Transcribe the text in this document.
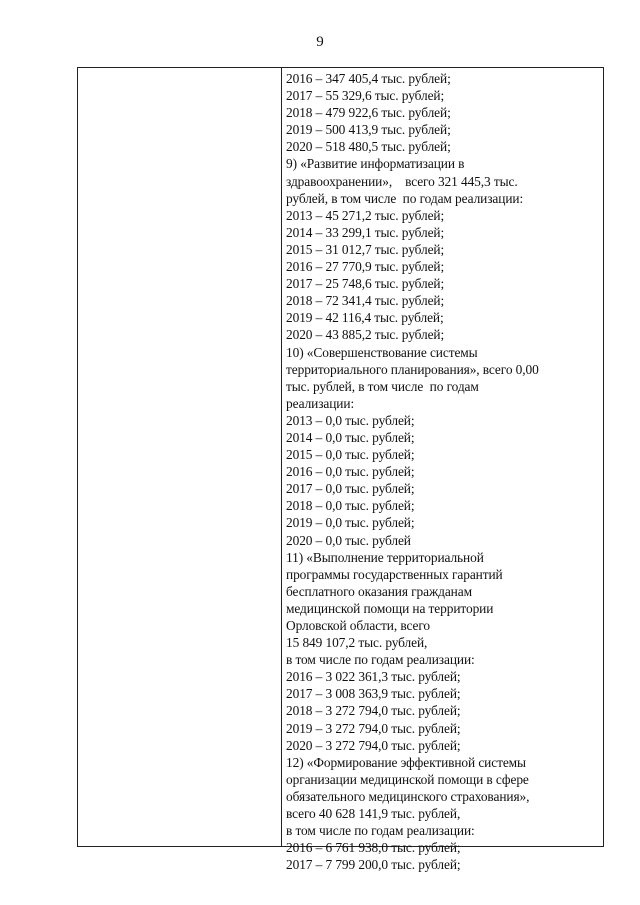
9
2016 – 347 405,4 тыс. рублей;
2017 – 55 329,6 тыс. рублей;
2018 – 479 922,6 тыс. рублей;
2019 – 500 413,9 тыс. рублей;
2020 – 518 480,5 тыс. рублей;
9) «Развитие информатизации в
здравоохранении»,    всего 321 445,3 тыс.
рублей, в том числе  по годам реализации:
2013 – 45 271,2 тыс. рублей;
2014 – 33 299,1 тыс. рублей;
2015 – 31 012,7 тыс. рублей;
2016 – 27 770,9 тыс. рублей;
2017 – 25 748,6 тыс. рублей;
2018 – 72 341,4 тыс. рублей;
2019 – 42 116,4 тыс. рублей;
2020 – 43 885,2 тыс. рублей;
10) «Совершенствование системы
территориального планирования», всего 0,00
тыс. рублей, в том числе  по годам
реализации:
2013 – 0,0 тыс. рублей;
2014 – 0,0 тыс. рублей;
2015 – 0,0 тыс. рублей;
2016 – 0,0 тыс. рублей;
2017 – 0,0 тыс. рублей;
2018 – 0,0 тыс. рублей;
2019 – 0,0 тыс. рублей;
2020 – 0,0 тыс. рублей
11) «Выполнение территориальной
программы государственных гарантий
бесплатного оказания гражданам
медицинской помощи на территории
Орловской области, всего
15 849 107,2 тыс. рублей,
в том числе по годам реализации:
2016 – 3 022 361,3 тыс. рублей;
2017 – 3 008 363,9 тыс. рублей;
2018 – 3 272 794,0 тыс. рублей;
2019 – 3 272 794,0 тыс. рублей;
2020 – 3 272 794,0 тыс. рублей;
12) «Формирование эффективной системы
организации медицинской помощи в сфере
обязательного медицинского страхования»,
всего 40 628 141,9 тыс. рублей,
в том числе по годам реализации:
2016 – 6 761 938,0 тыс. рублей;
2017 – 7 799 200,0 тыс. рублей;
